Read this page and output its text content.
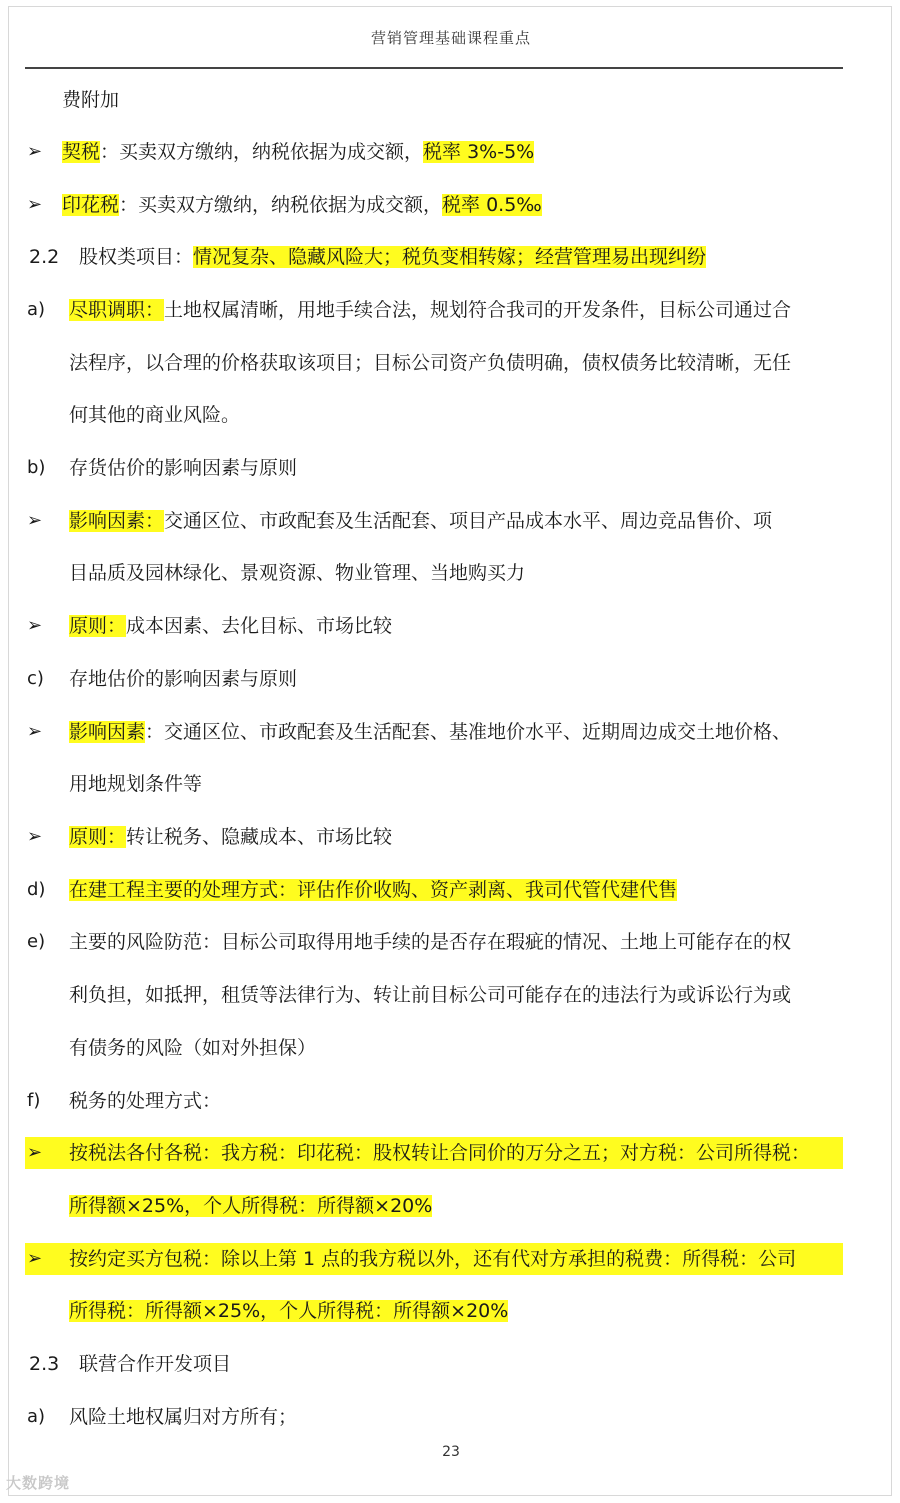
营销管理基础课程重点
费附加
➢ 契税：买卖双方缴纳，纳税依据为成交额，税率 3%-5%
➢ 印花税：买卖双方缴纳，纳税依据为成交额，税率 0.5‰
2.2 股权类项目：情况复杂、隐藏风险大；税负变相转嫁；经营管理易出现纠纷
a) 尽职调职：土地权属清晰，用地手续合法，规划符合我司的开发条件，目标公司通过合
法程序，以合理的价格获取该项目；目标公司资产负债明确，债权债务比较清晰，无任
何其他的商业风险。
b) 存货估价的影响因素与原则
➢ 影响因素：交通区位、市政配套及生活配套、项目产品成本水平、周边竞品售价、项
目品质及园林绿化、景观资源、物业管理、当地购买力
➢ 原则：成本因素、去化目标、市场比较
c) 存地估价的影响因素与原则
➢ 影响因素：交通区位、市政配套及生活配套、基准地价水平、近期周边成交土地价格、
用地规划条件等
➢ 原则：转让税务、隐藏成本、市场比较
d) 在建工程主要的处理方式：评估作价收购、资产剥离、我司代管代建代售
e) 主要的风险防范：目标公司取得用地手续的是否存在瑕疵的情况、土地上可能存在的权
利负担，如抵押，租赁等法律行为、转让前目标公司可能存在的违法行为或诉讼行为或
有债务的风险（如对外担保）
f) 税务的处理方式：
➢ 按税法各付各税：我方税：印花税：股权转让合同价的万分之五；对方税：公司所得税：
所得额×25%，个人所得税：所得额×20%
➢ 按约定买方包税：除以上第 1 点的我方税以外，还有代对方承担的税费：所得税：公司
所得税：所得额×25%，个人所得税：所得额×20%
2.3 联营合作开发项目
a) 风险土地权属归对方所有；
23
大数跨境
